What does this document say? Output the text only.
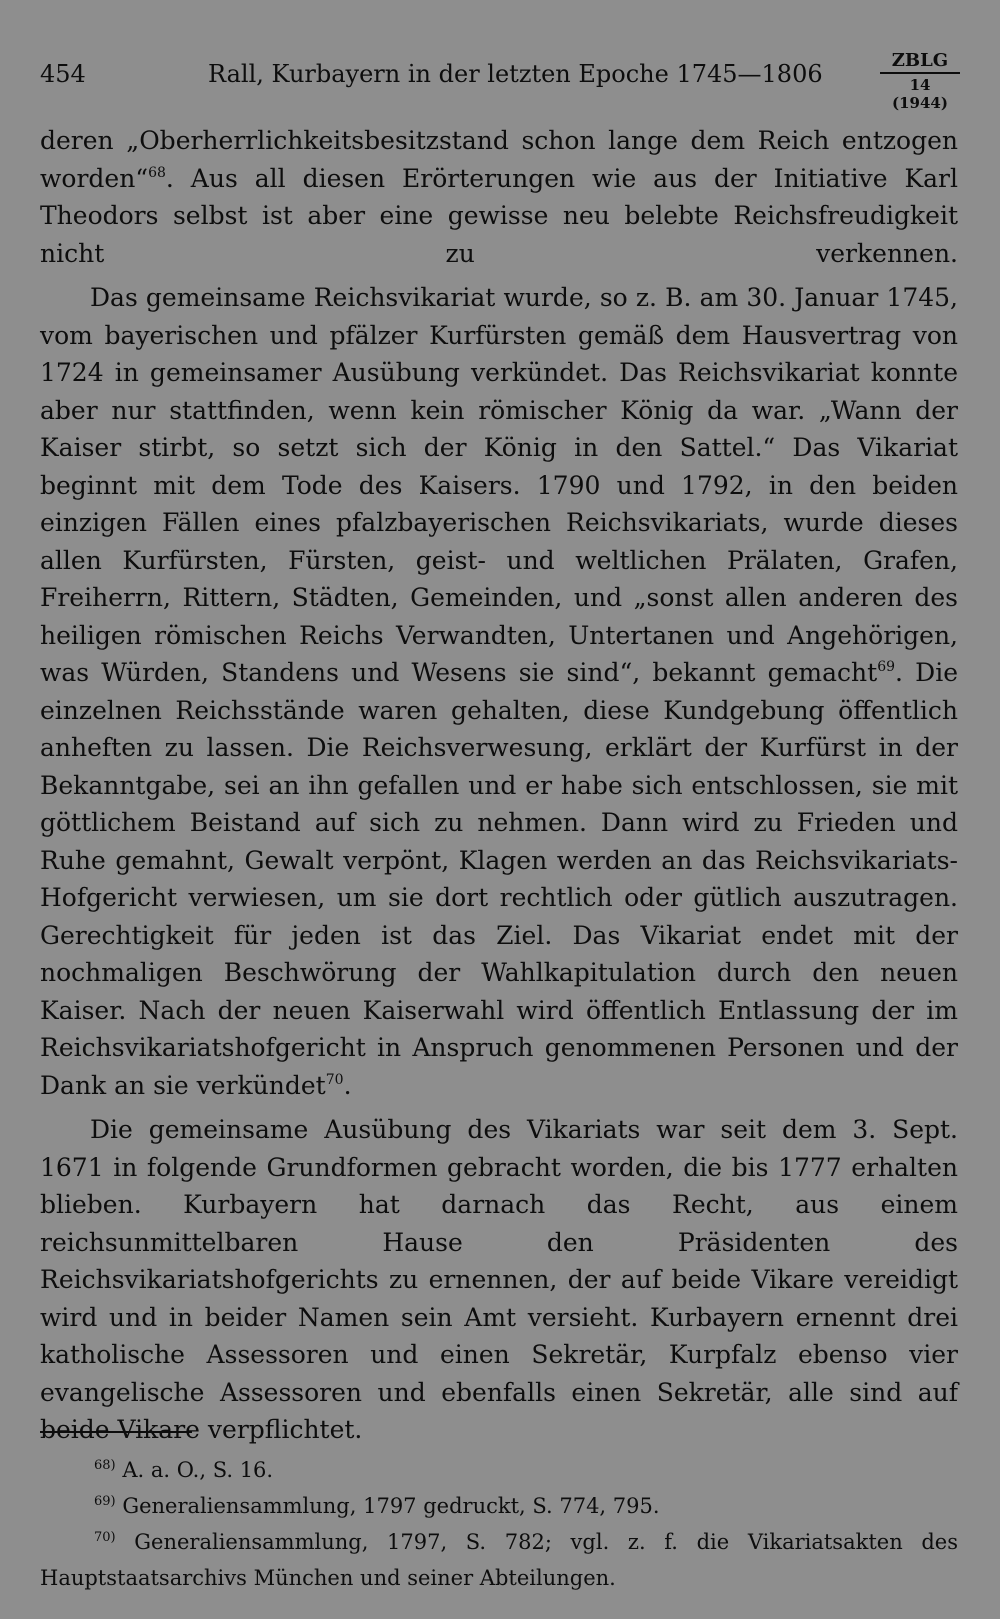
454	Rall, Kurbayern in der letzten Epoche 1745—1806	ZBLG
14 (1944)

deren „Oberherrlichkeitsbesitzstand schon lange dem Reich entzogen worden“$^{68}$. Aus all diesen Erörterungen wie aus der Initiative Karl Theodors selbst ist aber eine gewisse neu belebte Reichsfreudigkeit nicht zu verkennen.

Das gemeinsame Reichsvikariat wurde, so z. B. am 30. Januar 1745, vom bayerischen und pfälzer Kurfürsten gemäß dem Hausvertrag von 1724 in gemeinsamer Ausübung verkündet. Das Reichsvikariat konnte aber nur stattfinden, wenn kein römischer König da war. „Wann der Kaiser stirbt, so setzt sich der König in den Sattel.“ Das Vikariat beginnt mit dem Tode des Kaisers. 1790 und 1792, in den beiden einzigen Fällen eines pfalzbayerischen Reichsvikariats, wurde dieses allen Kurfürsten, Fürsten, geist- und weltlichen Prälaten, Grafen, Freiherrn, Rittern, Städten, Gemeinden, und „sonst allen anderen des heiligen römischen Reichs Verwandten, Untertanen und Angehörigen, was Würden, Standens und Wesens sie sind“, bekannt gemacht$^{69}$. Die einzelnen Reichsstände waren gehalten, diese Kundgebung öffentlich anheften zu lassen. Die Reichsverwesung, erklärt der Kurfürst in der Bekanntgabe, sei an ihn gefallen und er habe sich entschlossen, sie mit göttlichem Beistand auf sich zu nehmen. Dann wird zu Frieden und Ruhe gemahnt, Gewalt verpönt, Klagen werden an das Reichsvikariats-Hofgericht verwiesen, um sie dort rechtlich oder gütlich auszutragen. Gerechtigkeit für jeden ist das Ziel. Das Vikariat endet mit der nochmaligen Beschwörung der Wahlkapitulation durch den neuen Kaiser. Nach der neuen Kaiserwahl wird öffentlich Entlassung der im Reichsvikariatshofgericht in Anspruch genommenen Personen und der Dank an sie verkündet$^{70}$.

Die gemeinsame Ausübung des Vikariats war seit dem 3. Sept. 1671 in folgende Grundformen gebracht worden, die bis 1777 erhalten blieben. Kurbayern hat darnach das Recht, aus einem reichsunmittelbaren Hause den Präsidenten des Reichsvikariatshofgerichts zu ernennen, der auf beide Vikare vereidigt wird und in beider Namen sein Amt versieht. Kurbayern ernennt drei katholische Assessoren und einen Sekretär, Kurpfalz ebenso vier evangelische Assessoren und ebenfalls einen Sekretär, alle sind auf beide Vikare verpflichtet.

$^{68)}$ A. a. O., S. 16.

$^{69)}$ Generaliensammlung, 1797 gedruckt, S. 774, 795.

$^{70)}$ Generaliensammlung, 1797, S. 782; vgl. z. f. die Vikariatsakten des Hauptstaatsarchivs München und seiner Abteilungen.
